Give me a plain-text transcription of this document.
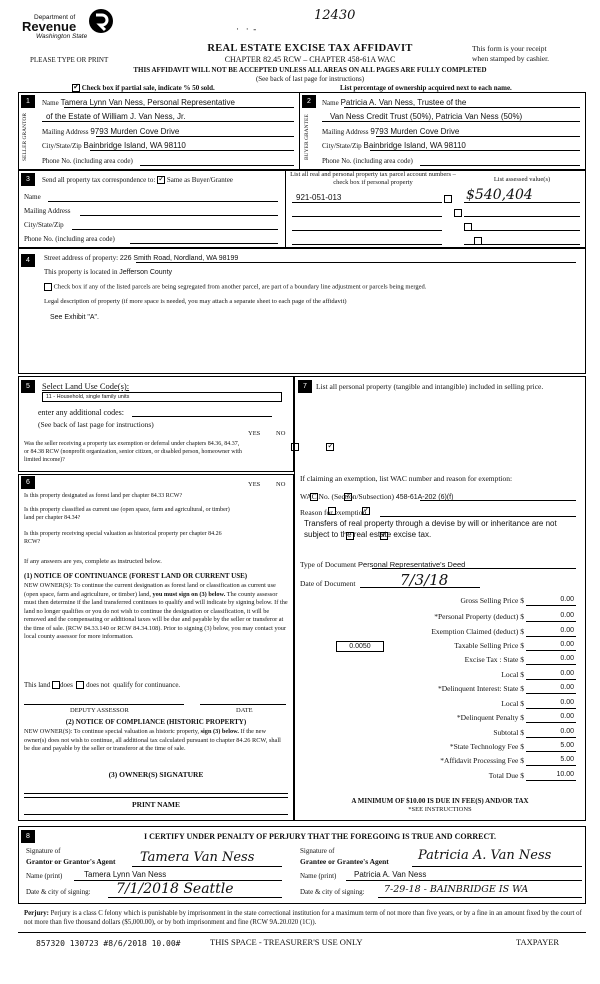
12430
·   ·  -
Department of
Revenue
Washington State
PLEASE TYPE OR PRINT
REAL ESTATE EXCISE TAX AFFIDAVIT
CHAPTER 82.45 RCW – CHAPTER 458-61A WAC
This form is your receipt
when stamped by cashier.
THIS AFFIDAVIT WILL NOT BE ACCEPTED UNLESS ALL AREAS ON ALL PAGES ARE FULLY COMPLETED
(See back of last page for instructions)
✓ Check box if partial sale, indicate % 50 sold.	List percentage of ownership acquired next to each name.
1
SELLER GRANTOR
Name Tamera Lynn Van Ness, Personal Representative
of the Estate of William J. Van Ness, Jr.
Mailing Address 9793 Murden Cove Drive
City/State/Zip Bainbridge Island, WA 98110
Phone No. (including area code)
2
BUYER GRANTEE
Name Patricia A. Van Ness, Trustee of the
Van Ness Credit Trust (50%), Patricia Van Ness (50%)
Mailing Address 9793 Murden Cove Drive
City/State/Zip Bainbridge Island, WA 98110
Phone No. (including area code)
3	Send all property tax correspondence to: ✓ Same as Buyer/Grantee
Name
Mailing Address
City/State/Zip
Phone No. (including area code)
List all real and personal property tax parcel account numbers – check box if personal property	List assessed value(s)
921-051-013	$540,404

4	Street address of property: 226 Smith Road, Nordland, WA 98199
This property is located in Jefferson County
Check box if any of the listed parcels are being segregated from another parcel, are part of a boundary line adjustment or parcels being merged.
Legal description of property (if more space is needed, you may attach a separate sheet to each page of the affidavit)
See Exhibit "A".
5	Select Land Use Code(s):
11 - Household, single family units
enter any additional codes:
(See back of last page for instructions)
YES NO
Was the seller receiving a property tax exemption or deferral under chapters 84.36, 84.37, or 84.38 RCW (nonprofit organization, senior citizen, or disabled person, homeowner with limited income)?
✓
6	YES NO
Is this property designated as forest land per chapter 84.33 RCW?
✓
Is this property classified as current use (open space, farm and agricultural, or timber) land per chapter 84.34?
✓
Is this property receiving special valuation as historical property per chapter 84.26 RCW?
✓
If any answers are yes, complete as instructed below.
(1) NOTICE OF CONTINUANCE (FOREST LAND OR CURRENT USE)
NEW OWNER(S): To continue the current designation as forest land or classification as current use (open space, farm and agriculture, or timber) land, you must sign on (3) below. The county assessor must then determine if the land transferred continues to qualify and will indicate by signing below. If the land no longer qualifies or you do not wish to continue the designation or classification, it will be removed and the compensating or additional taxes will be due and payable by the seller or transferor at the time of sale. (RCW 84.33.140 or RCW 84.34.108). Prior to signing (3) below, you may contact your local county assessor for more information.
This land does does not qualify for continuance.
DEPUTY ASSESSOR	DATE
(2) NOTICE OF COMPLIANCE (HISTORIC PROPERTY)
NEW OWNER(S): To continue special valuation as historic property, sign (3) below. If the new owner(s) does not wish to continue, all additional tax calculated pursuant to chapter 84.26 RCW, shall be due and payable by the seller or transferor at the time of sale.
(3) OWNER(S) SIGNATURE
PRINT NAME
7	List all personal property (tangible and intangible) included in selling price.
If claiming an exemption, list WAC number and reason for exemption:
WAC No. (Section/Subsection) 458-61A-202 (6)(f)
Reason for exemption
Transfers of real property through a devise by will or inheritance are not subject to the real estate excise tax.
Type of Document Personal Representative's Deed
Date of Document	7/3/18
Gross Selling Price $	0.00
*Personal Property (deduct) $	0.00
Exemption Claimed (deduct) $	0.00
Taxable Selling Price $	0.00
Excise Tax : State $	0.00
Local $	0.00
*Delinquent Interest: State $	0.00
Local $	0.00
*Delinquent Penalty $	0.00
Subtotal $	0.00
*State Technology Fee $	5.00
*Affidavit Processing Fee $	5.00
Total Due $	10.00
0.0050
A MINIMUM OF $10.00 IS DUE IN FEE(S) AND/OR TAX
*SEE INSTRUCTIONS
8	I CERTIFY UNDER PENALTY OF PERJURY THAT THE FOREGOING IS TRUE AND CORRECT.
Signature of
Grantor or Grantor's Agent Tamera Van Ness
Name (print)	Tamera Lynn Van Ness
Date & city of signing: 7/1/2018 Seattle
Signature of
Grantee or Grantee's Agent Patricia A. Van Ness
Name (print) Patricia A. Van Ness
Date & city of signing: 7-29-18 - BAINBRIDGE IS WA
Perjury: Perjury is a class C felony which is punishable by imprisonment in the state correctional institution for a maximum term of not more than five years, or by a fine in an amount fixed by the court of not more than five thousand dollars ($5,000.00), or by both imprisonment and fine (RCW 9A.20.020 (1C)).
857320 130723 #8/6/2018 10.00#	THIS SPACE - TREASURER'S USE ONLY	TAXPAYER
